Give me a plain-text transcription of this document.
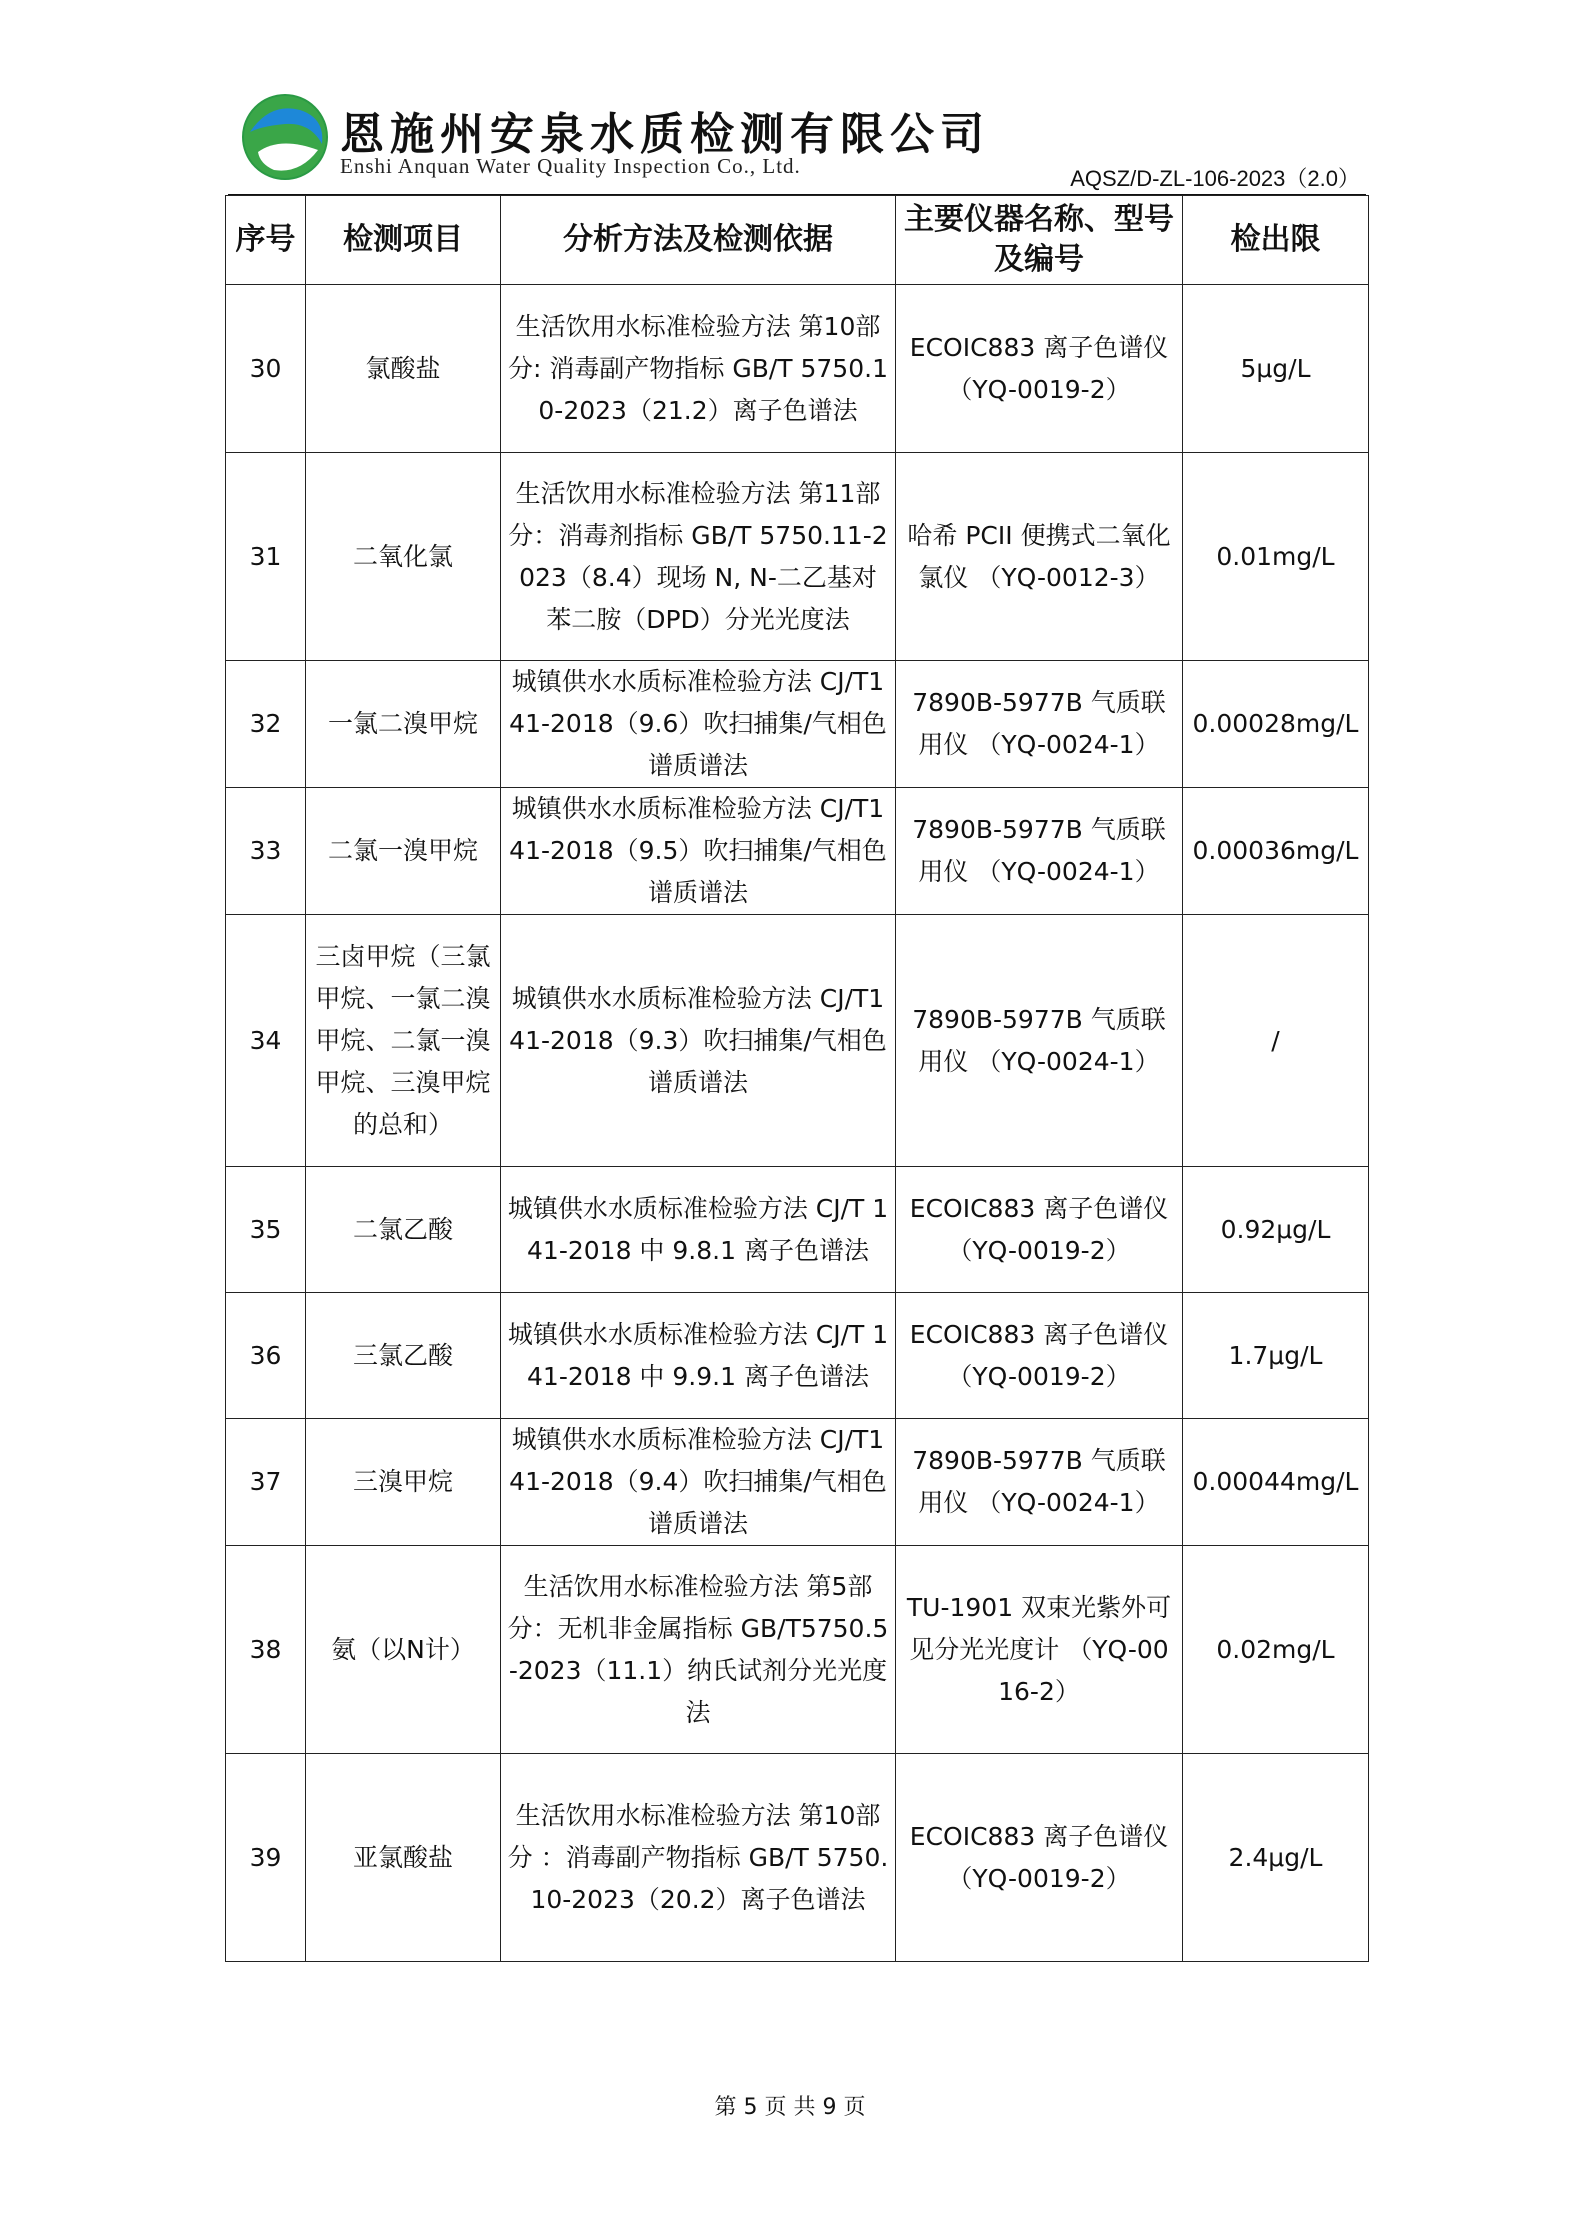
恩施州安泉水质检测有限公司
Enshi Anquan Water Quality Inspection Co., Ltd.	AQSZ/D-ZL-106-2023（2.0）
序号	检测项目	分析方法及检测依据	主要仪器名称、型号及编号	检出限
30	氯酸盐	生活饮用水标准检验方法 第10部分: 消毒副产物指标 GB/T 5750.10-2023（21.2）离子色谱法	ECOIC883 离子色谱仪 （YQ-0019-2）	5μg/L
31	二氧化氯	生活饮用水标准检验方法 第11部分：消毒剂指标 GB/T 5750.11-2023（8.4）现场 N, N-二乙基对苯二胺（DPD）分光光度法	哈希 PCII 便携式二氧化氯仪 （YQ-0012-3）	0.01mg/L
32	一氯二溴甲烷	城镇供水水质标准检验方法 CJ/T141-2018（9.6）吹扫捕集/气相色谱质谱法	7890B-5977B 气质联用仪 （YQ-0024-1）	0.00028mg/L
33	二氯一溴甲烷	城镇供水水质标准检验方法 CJ/T141-2018（9.5）吹扫捕集/气相色谱质谱法	7890B-5977B 气质联用仪 （YQ-0024-1）	0.00036mg/L
34	三卤甲烷（三氯甲烷、一氯二溴甲烷、二氯一溴甲烷、三溴甲烷的总和）	城镇供水水质标准检验方法 CJ/T141-2018（9.3）吹扫捕集/气相色谱质谱法	7890B-5977B 气质联用仪 （YQ-0024-1）	/
35	二氯乙酸	城镇供水水质标准检验方法 CJ/T 141-2018 中 9.8.1 离子色谱法	ECOIC883 离子色谱仪 （YQ-0019-2）	0.92μg/L
36	三氯乙酸	城镇供水水质标准检验方法 CJ/T 141-2018 中 9.9.1 离子色谱法	ECOIC883 离子色谱仪 （YQ-0019-2）	1.7μg/L
37	三溴甲烷	城镇供水水质标准检验方法 CJ/T141-2018（9.4）吹扫捕集/气相色谱质谱法	7890B-5977B 气质联用仪 （YQ-0024-1）	0.00044mg/L
38	氨（以N计）	生活饮用水标准检验方法 第5部分：无机非金属指标 GB/T5750.5-2023（11.1）纳氏试剂分光光度法	TU-1901 双束光紫外可见分光光度计 （YQ-0016-2）	0.02mg/L
39	亚氯酸盐	生活饮用水标准检验方法 第10部分 ：消毒副产物指标 GB/T 5750.10-2023（20.2）离子色谱法	ECOIC883 离子色谱仪 （YQ-0019-2）	2.4μg/L
第 5 页 共 9 页
